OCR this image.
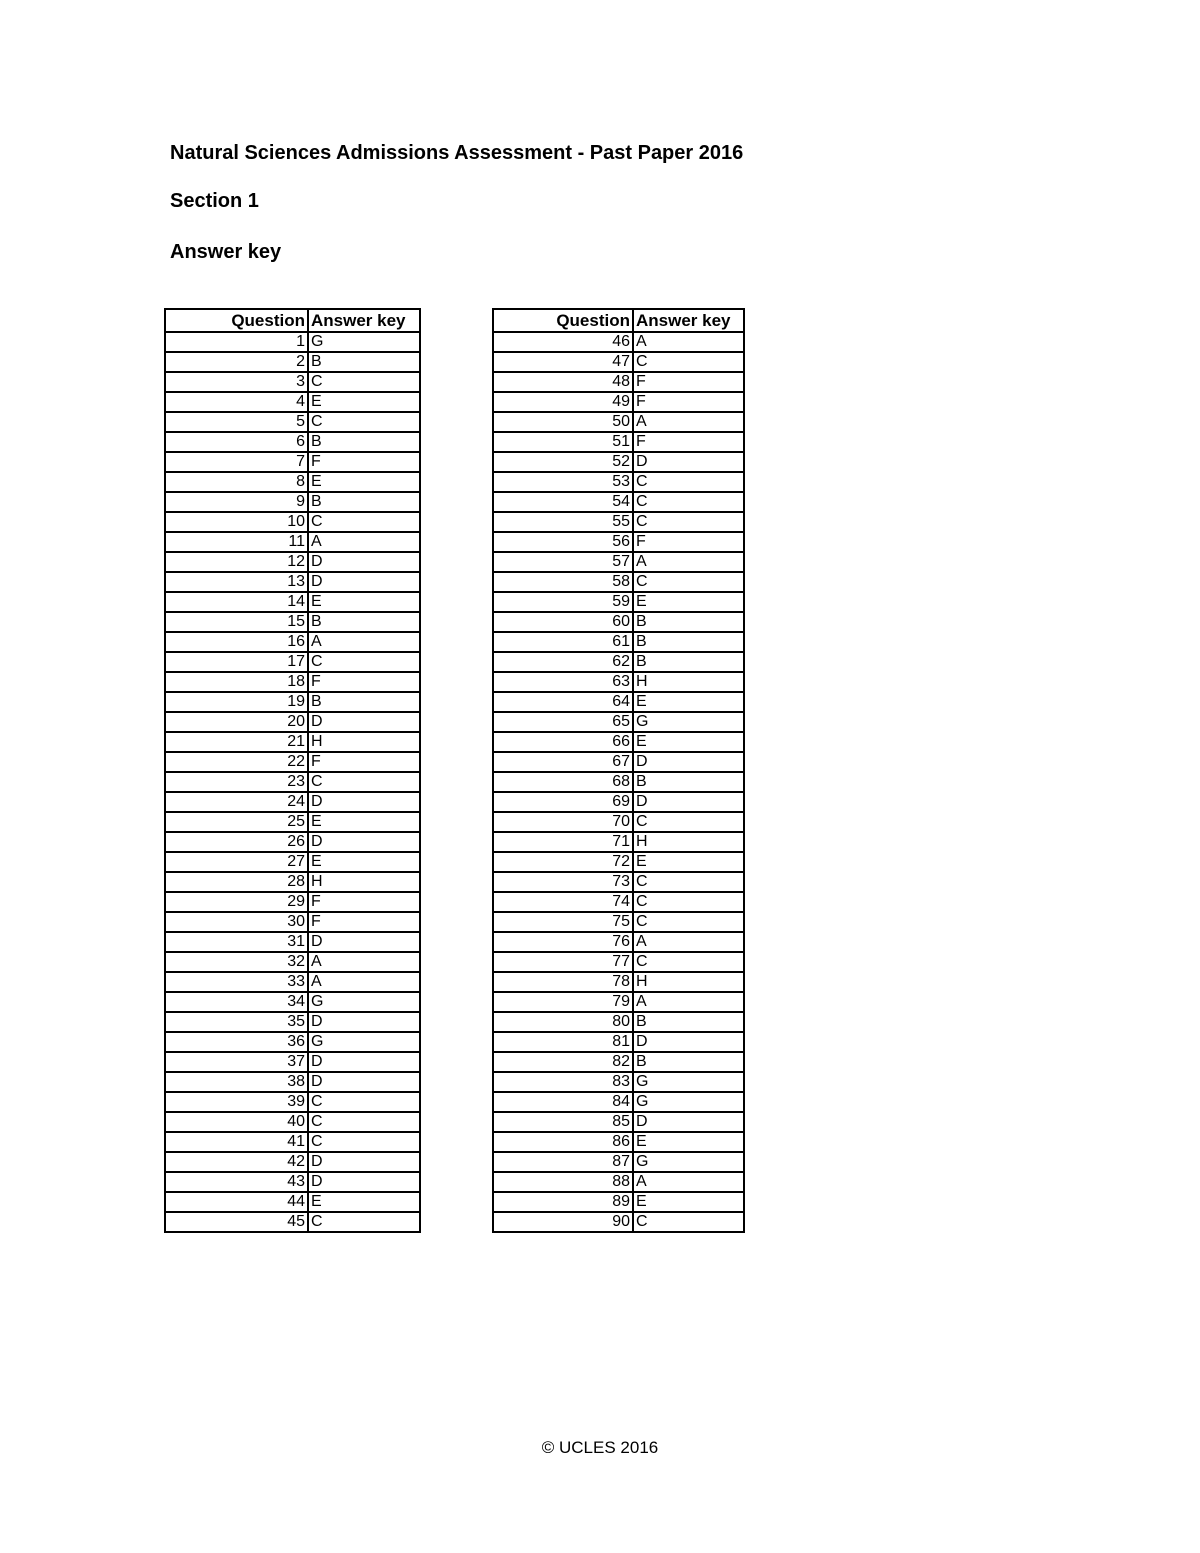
Natural Sciences Admissions Assessment - Past Paper 2016
Section 1
Answer key
Question	Answer key
1	G
2	B
3	C
4	E
5	C
6	B
7	F
8	E
9	B
10	C
11	A
12	D
13	D
14	E
15	B
16	A
17	C
18	F
19	B
20	D
21	H
22	F
23	C
24	D
25	E
26	D
27	E
28	H
29	F
30	F
31	D
32	A
33	A
34	G
35	D
36	G
37	D
38	D
39	C
40	C
41	C
42	D
43	D
44	E
45	C
Question	Answer key
46	A
47	C
48	F
49	F
50	A
51	F
52	D
53	C
54	C
55	C
56	F
57	A
58	C
59	E
60	B
61	B
62	B
63	H
64	E
65	G
66	E
67	D
68	B
69	D
70	C
71	H
72	E
73	C
74	C
75	C
76	A
77	C
78	H
79	A
80	B
81	D
82	B
83	G
84	G
85	D
86	E
87	G
88	A
89	E
90	C

© UCLES 2016
